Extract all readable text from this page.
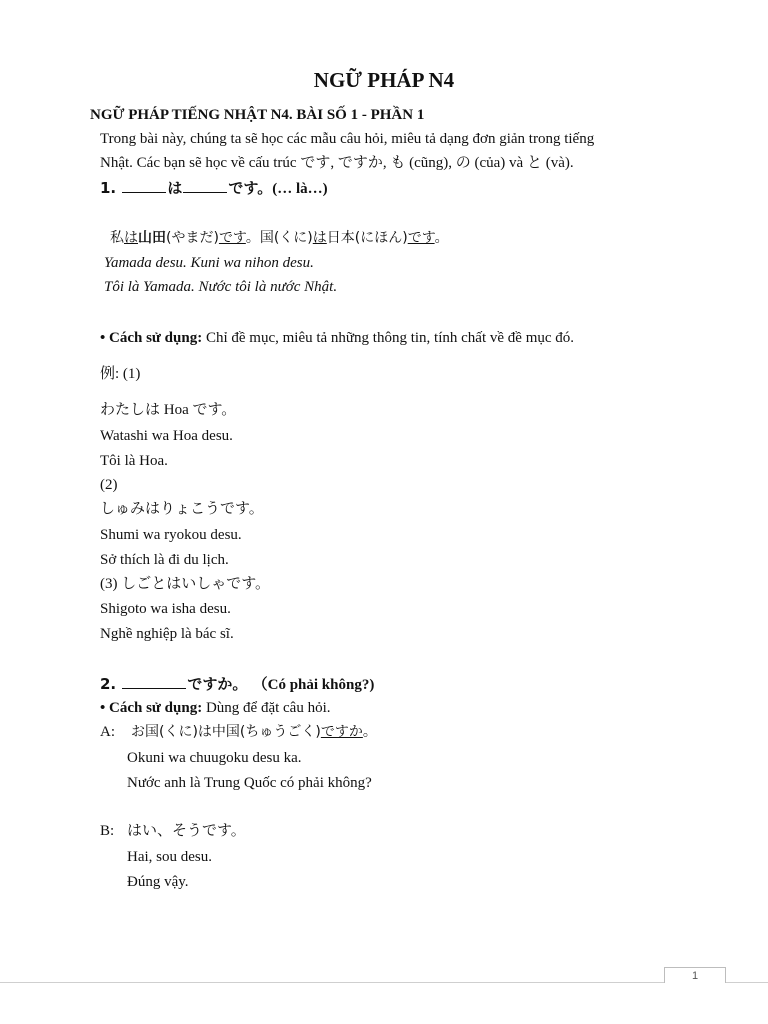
NGỮ PHÁP N4
NGỮ PHÁP TIẾNG NHẬT N4. BÀI SỐ 1 - PHẦN 1
Trong bài này, chúng ta sẽ học các mẫu câu hỏi, miêu tả dạng đơn giản trong tiếng
Nhật. Các bạn sẽ học về cấu trúc です, ですか, も (cũng), の (của) và と (và).
1.	は	です。(… là…)
私は山田(やまだ)です。国(くに)は日本(にほん)です。
Yamada desu. Kuni wa nihon desu.
Tôi là Yamada. Nước tôi là nước Nhật.
• Cách sử dụng: Chỉ đề mục, miêu tả những thông tin, tính chất về đề mục đó.
例: (1)
わたしは Hoa です。
Watashi wa Hoa desu.
Tôi là Hoa.
(2)
しゅみはりょこうです。
Shumi wa ryokou desu.
Sở thích là đi du lịch.
(3) しごとはいしゃです。
Shigoto wa isha desu.
Nghề nghiệp là bác sĩ.
2.	ですか。 （Có phải không?)
• Cách sử dụng: Dùng để đặt câu hỏi.
A: お国(くに)は中国(ちゅうごく)ですか。
Okuni wa chuugoku desu ka.
Nước anh là Trung Quốc có phải không?
B: はい、そうです。
Hai, sou desu.
Đúng vậy.
1
